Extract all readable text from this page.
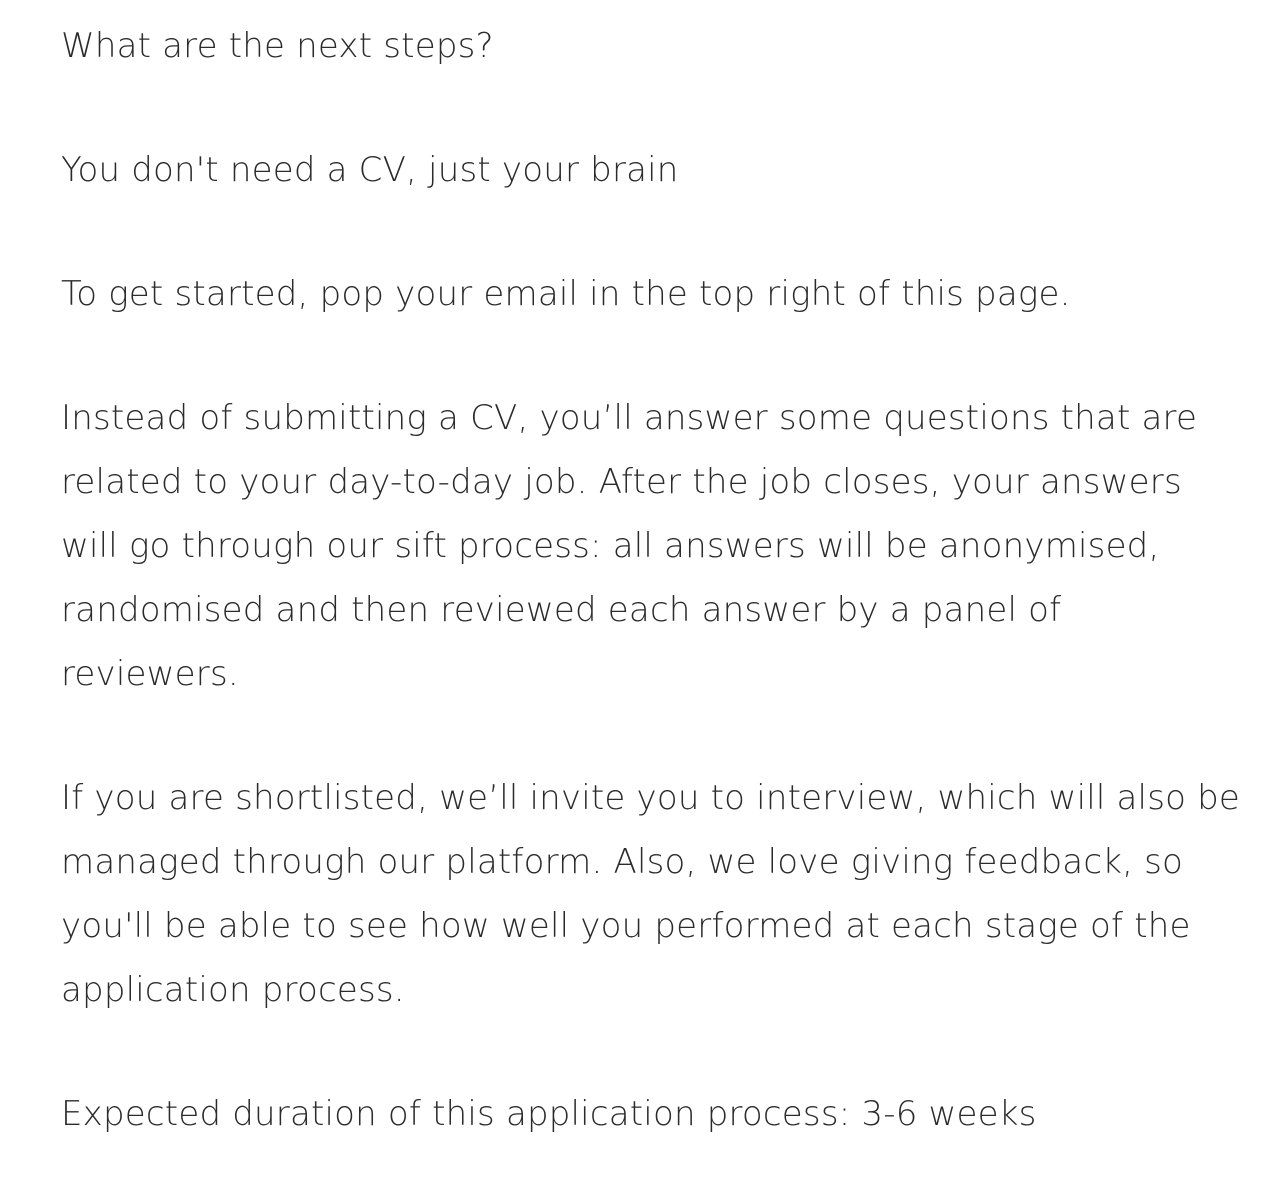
What are the next steps?

You don't need a CV, just your brain

To get started, pop your email in the top right of this page.

Instead of submitting a CV, you’ll answer some questions that are
related to your day-to-day job. After the job closes, your answers
will go through our sift process: all answers will be anonymised,
randomised and then reviewed each answer by a panel of
reviewers.

If you are shortlisted, we’ll invite you to interview, which will also be
managed through our platform. Also, we love giving feedback, so
you'll be able to see how well you performed at each stage of the
application process.

Expected duration of this application process: 3-6 weeks
